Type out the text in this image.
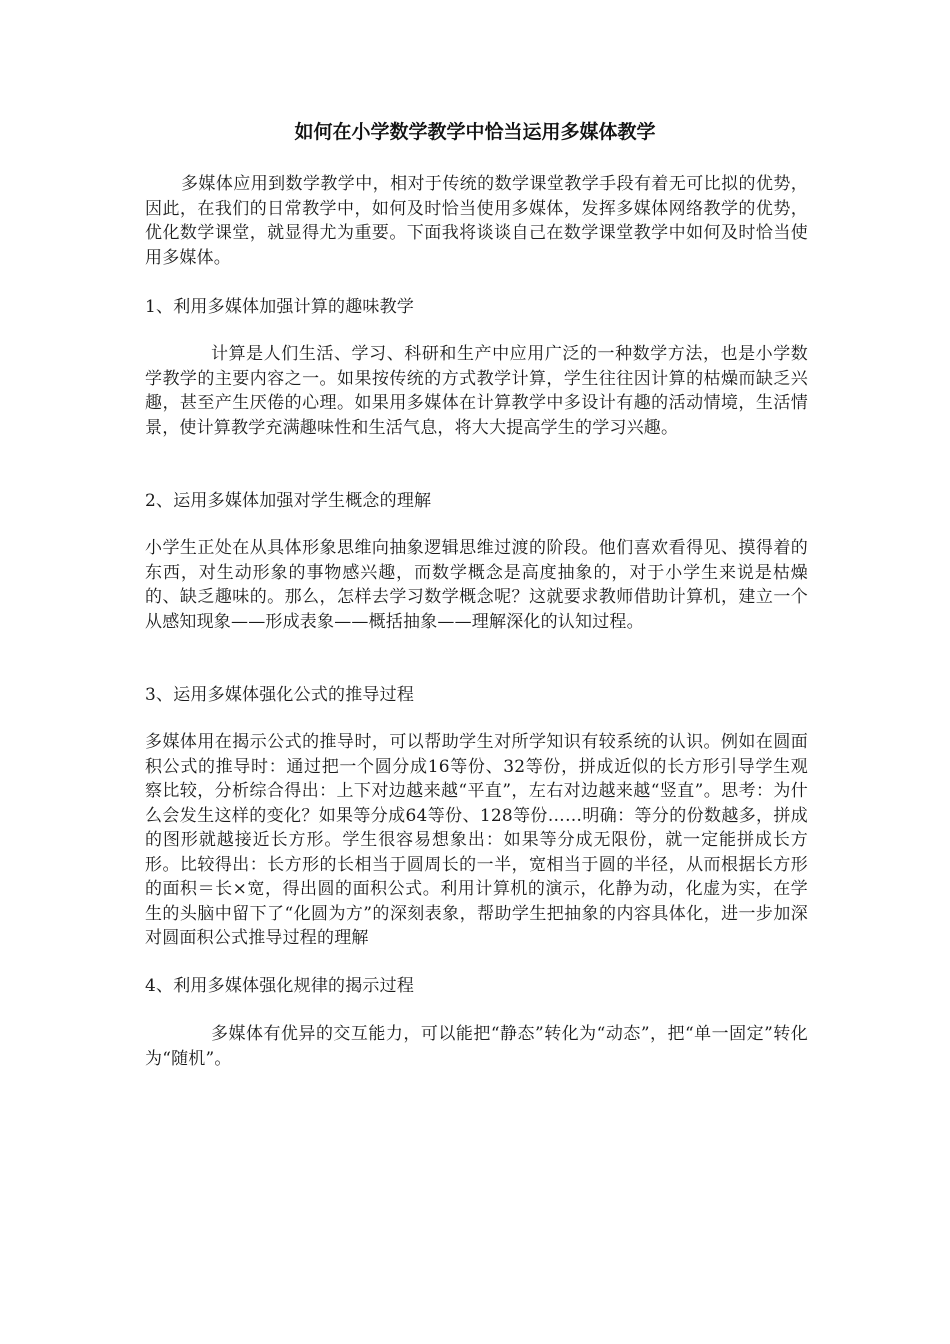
如何在小学数学教学中恰当运用多媒体教学

多媒体应用到数学教学中，相对于传统的数学课堂教学手段有着无可比拟的优势，因此，在我们的日常教学中，如何及时恰当使用多媒体，发挥多媒体网络教学的优势，优化数学课堂，就显得尤为重要。下面我将谈谈自己在数学课堂教学中如何及时恰当使用多媒体。

1、利用多媒体加强计算的趣味教学

计算是人们生活、学习、科研和生产中应用广泛的一种数学方法，也是小学数学教学的主要内容之一。如果按传统的方式教学计算，学生往往因计算的枯燥而缺乏兴趣，甚至产生厌倦的心理。如果用多媒体在计算教学中多设计有趣的活动情境，生活情景，使计算教学充满趣味性和生活气息，将大大提高学生的学习兴趣。

2、运用多媒体加强对学生概念的理解

小学生正处在从具体形象思维向抽象逻辑思维过渡的阶段。他们喜欢看得见、摸得着的东西，对生动形象的事物感兴趣，而数学概念是高度抽象的，对于小学生来说是枯燥的、缺乏趣味的。那么，怎样去学习数学概念呢？这就要求教师借助计算机，建立一个从感知现象——形成表象——概括抽象——理解深化的认知过程。

3、运用多媒体强化公式的推导过程

多媒体用在揭示公式的推导时，可以帮助学生对所学知识有较系统的认识。例如在圆面积公式的推导时：通过把一个圆分成16等份、32等份，拼成近似的长方形引导学生观察比较，分析综合得出：上下对边越来越“平直”，左右对边越来越“竖直”。思考：为什么会发生这样的变化？如果等分成64等份、128等份……明确：等分的份数越多，拼成的图形就越接近长方形。学生很容易想象出：如果等分成无限份，就一定能拼成长方形。比较得出：长方形的长相当于圆周长的一半，宽相当于圆的半径，从而根据长方形的面积＝长×宽，得出圆的面积公式。利用计算机的演示，化静为动，化虚为实，在学生的头脑中留下了“化圆为方”的深刻表象，帮助学生把抽象的内容具体化，进一步加深对圆面积公式推导过程的理解

4、利用多媒体强化规律的揭示过程

多媒体有优异的交互能力，可以能把“静态”转化为“动态”，把“单一固定”转化为“随机”。
